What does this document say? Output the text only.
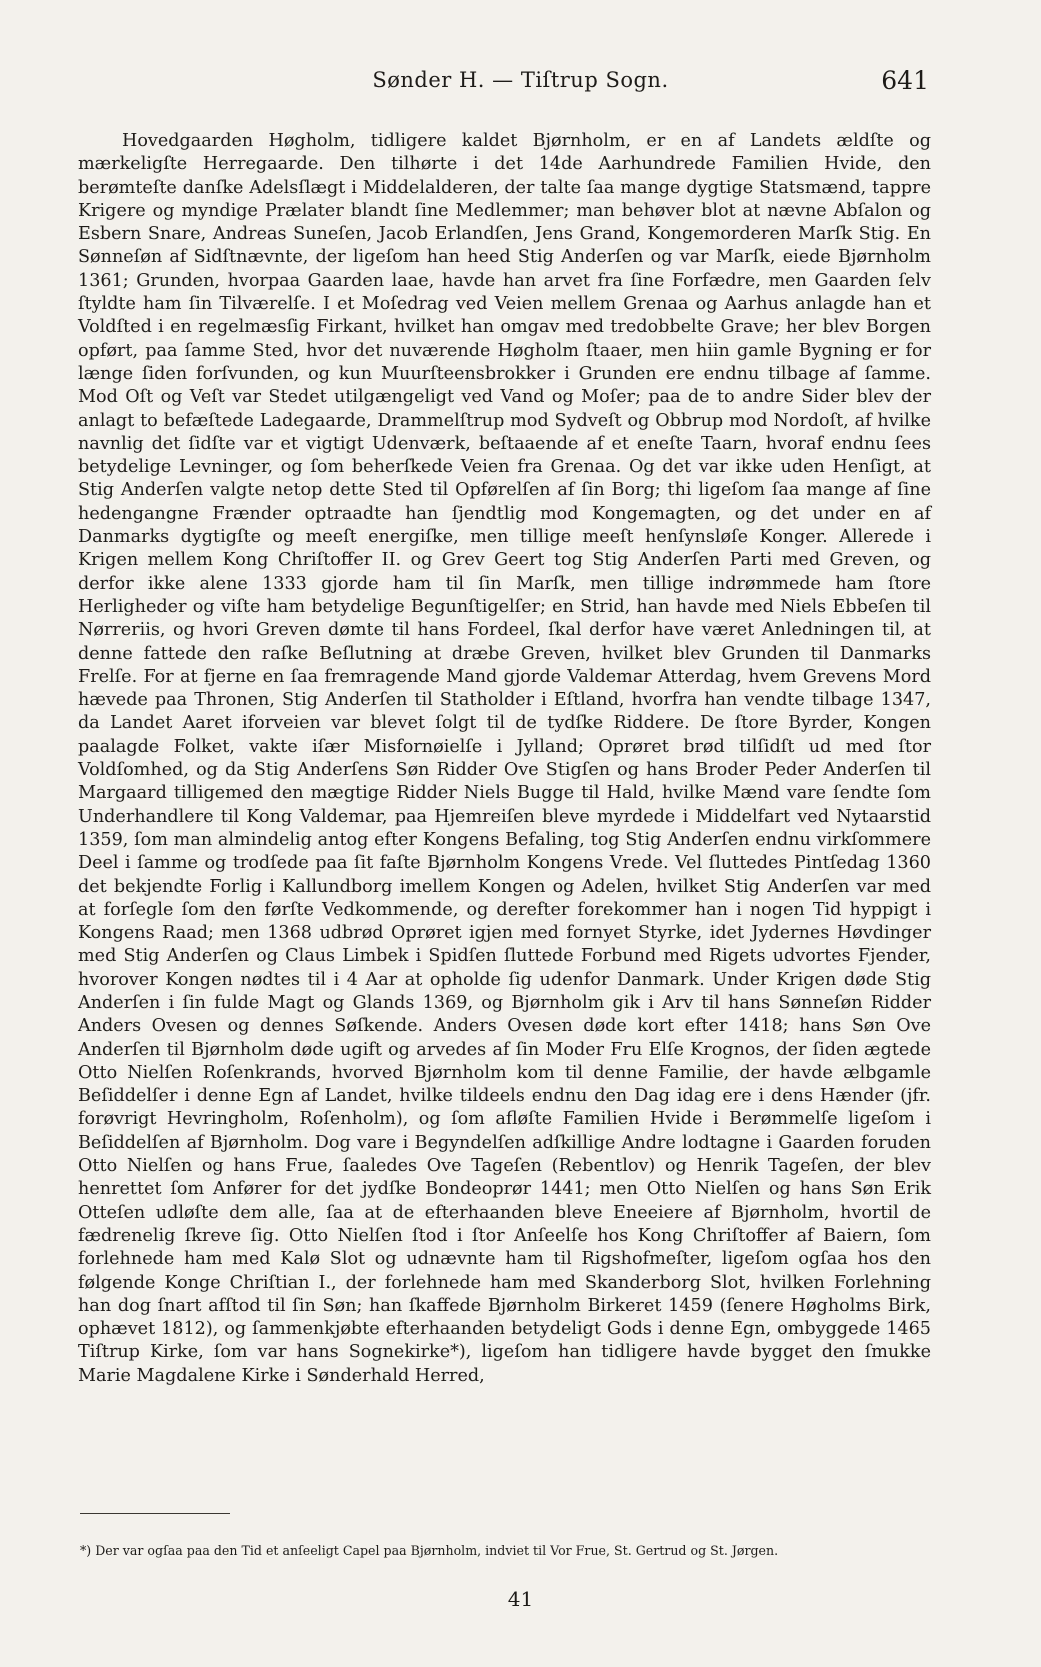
Sønder H. — Tiſtrup Sogn.	641

Hovedgaarden Høgholm, tidligere kaldet Bjørnholm, er en af Landets ældſte og mærkeligſte Herregaarde. Den tilhørte i det 14de Aarhundrede Familien Hvide, den berømteſte danſke Adelsſlægt i Middelalderen, der talte ſaa mange dygtige Statsmænd, tappre Krigere og myndige Prælater blandt ſine Medlemmer; man behøver blot at nævne Abſalon og Esbern Snare, Andreas Suneſen, Jacob Erlandſen, Jens Grand, Kongemorderen Marſk Stig. En Sønneſøn af Sidſtnævnte, der ligeſom han heed Stig Anderſen og var Marſk, eiede Bjørnholm 1361; Grunden, hvorpaa Gaarden laae, havde han arvet fra ſine Forfædre, men Gaarden ſelv ſtyldte ham ſin Tilværelſe. I et Moſedrag ved Veien mellem Grenaa og Aarhus anlagde han et Voldſted i en regelmæsſig Firkant, hvilket han omgav med tredobbelte Grave; her blev Borgen opført, paa ſamme Sted, hvor det nuværende Høgholm ſtaaer, men hiin gamle Bygning er for længe ſiden forſvunden, og kun Muurſteensbrokker i Grunden ere endnu tilbage af ſamme. Mod Oſt og Veſt var Stedet utilgængeligt ved Vand og Moſer; paa de to andre Sider blev der anlagt to befæſtede Ladegaarde, Drammelſtrup mod Sydveſt og Obbrup mod Nordoſt, af hvilke navnlig det ſidſte var et vigtigt Udenværk, beſtaaende af et eneſte Taarn, hvoraf endnu ſees betydelige Levninger, og ſom beherſkede Veien fra Grenaa. Og det var ikke uden Henſigt, at Stig Anderſen valgte netop dette Sted til Opførelſen af ſin Borg; thi ligeſom ſaa mange af ſine hedengangne Frænder optraadte han ſjendtlig mod Kongemagten, og det under en af Danmarks dygtigſte og meeſt energiſke, men tillige meeſt henſynsløſe Konger. Allerede i Krigen mellem Kong Chriſtoffer II. og Grev Geert tog Stig Anderſen Parti med Greven, og derfor ikke alene 1333 gjorde ham til ſin Marſk, men tillige indrømmede ham ſtore Herligheder og viſte ham betydelige Begunſtigelſer; en Strid, han havde med Niels Ebbeſen til Nørreriis, og hvori Greven dømte til hans Fordeel, ſkal derfor have været Anledningen til, at denne fattede den raſke Beſlutning at dræbe Greven, hvilket blev Grunden til Danmarks Frelſe. For at fjerne en ſaa fremragende Mand gjorde Valdemar Atterdag, hvem Grevens Mord hævede paa Thronen, Stig Anderſen til Statholder i Eſtland, hvorfra han vendte tilbage 1347, da Landet Aaret iforveien var blevet ſolgt til de tydſke Riddere. De ſtore Byrder, Kongen paalagde Folket, vakte iſær Misfornøielſe i Jylland; Oprøret brød tilſidſt ud med ſtor Voldſomhed, og da Stig Anderſens Søn Ridder Ove Stigſen og hans Broder Peder Anderſen til Margaard tilligemed den mægtige Ridder Niels Bugge til Hald, hvilke Mænd vare ſendte ſom Underhandlere til Kong Valdemar, paa Hjemreiſen bleve myrdede i Middelfart ved Nytaarstid 1359, ſom man almindelig antog efter Kongens Befaling, tog Stig Anderſen endnu virkſommere Deel i ſamme og trodſede paa ſit faſte Bjørnholm Kongens Vrede. Vel ſluttedes Pintſedag 1360 det bekjendte Forlig i Kallundborg imellem Kongen og Adelen, hvilket Stig Anderſen var med at forſegle ſom den førſte Vedkommende, og derefter forekommer han i nogen Tid hyppigt i Kongens Raad; men 1368 udbrød Oprøret igjen med fornyet Styrke, idet Jydernes Høvdinger med Stig Anderſen og Claus Limbek i Spidſen ſluttede Forbund med Rigets udvortes Fjender, hvorover Kongen nødtes til i 4 Aar at opholde ſig udenfor Danmark. Under Krigen døde Stig Anderſen i ſin fulde Magt og Glands 1369, og Bjørnholm gik i Arv til hans Sønneſøn Ridder Anders Ovesen og dennes Søſkende. Anders Ovesen døde kort efter 1418; hans Søn Ove Anderſen til Bjørnholm døde ugift og arvedes af ſin Moder Fru Elſe Krognos, der ſiden ægtede Otto Nielſen Roſenkrands, hvorved Bjørnholm kom til denne Familie, der havde ælbgamle Beſiddelſer i denne Egn af Landet, hvilke tildeels endnu den Dag idag ere i dens Hænder (jfr. forøvrigt Hevringholm, Roſenholm), og ſom afløſte Familien Hvide i Berømmelſe ligeſom i Beſiddelſen af Bjørnholm. Dog vare i Begyndelſen adſkillige Andre lodtagne i Gaarden foruden Otto Nielſen og hans Frue, ſaaledes Ove Tageſen (Rebentlov) og Henrik Tageſen, der blev henrettet ſom Anfører for det jydſke Bondeoprør 1441; men Otto Nielſen og hans Søn Erik Otteſen udløſte dem alle, ſaa at de efterhaanden bleve Eneeiere af Bjørnholm, hvortil de fædrenelig ſkreve ſig. Otto Nielſen ſtod i ſtor Anſeelſe hos Kong Chriſtoffer af Baiern, ſom forlehnede ham med Kalø Slot og udnævnte ham til Rigshofmeſter, ligeſom ogſaa hos den følgende Konge Chriſtian I., der forlehnede ham med Skanderborg Slot, hvilken Forlehning han dog ſnart afſtod til ſin Søn; han ſkaffede Bjørnholm Birkeret 1459 (ſenere Høgholms Birk, ophævet 1812), og ſammenkjøbte efterhaanden betydeligt Gods i denne Egn, ombyggede 1465 Tiſtrup Kirke, ſom var hans Sognekirke*), ligeſom han tidligere havde bygget den ſmukke Marie Magdalene Kirke i Sønderhald Herred,

*) Der var ogſaa paa den Tid et anſeeligt Capel paa Bjørnholm, indviet til Vor Frue, St. Gertrud og St. Jørgen.
41
